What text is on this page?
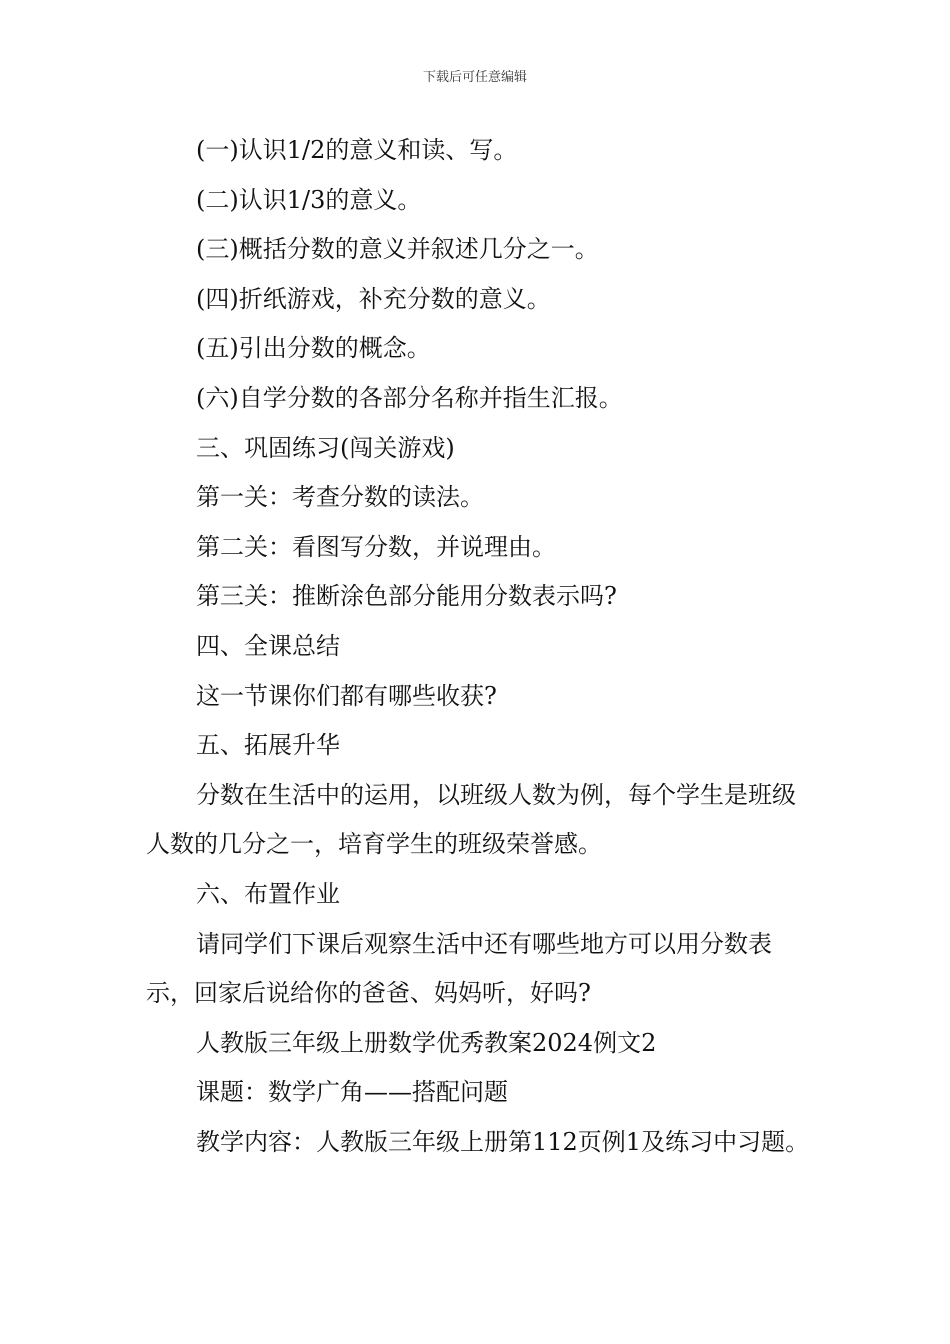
下载后可任意编辑

(一)认识1/2的意义和读、写。

(二)认识1/3的意义。

(三)概括分数的意义并叙述几分之一。

(四)折纸游戏，补充分数的意义。

(五)引出分数的概念。

(六)自学分数的各部分名称并指生汇报。

三、巩固练习(闯关游戏)

第一关：考查分数的读法。

第二关：看图写分数，并说理由。

第三关：推断涂色部分能用分数表示吗?

四、全课总结

这一节课你们都有哪些收获?

五、拓展升华

分数在生活中的运用，以班级人数为例，每个学生是班级人数的几分之一，培育学生的班级荣誉感。

六、布置作业

请同学们下课后观察生活中还有哪些地方可以用分数表示，回家后说给你的爸爸、妈妈听，好吗?

人教版三年级上册数学优秀教案2024例文2

课题：数学广角——搭配问题

教学内容：人教版三年级上册第112页例1及练习中习题。
